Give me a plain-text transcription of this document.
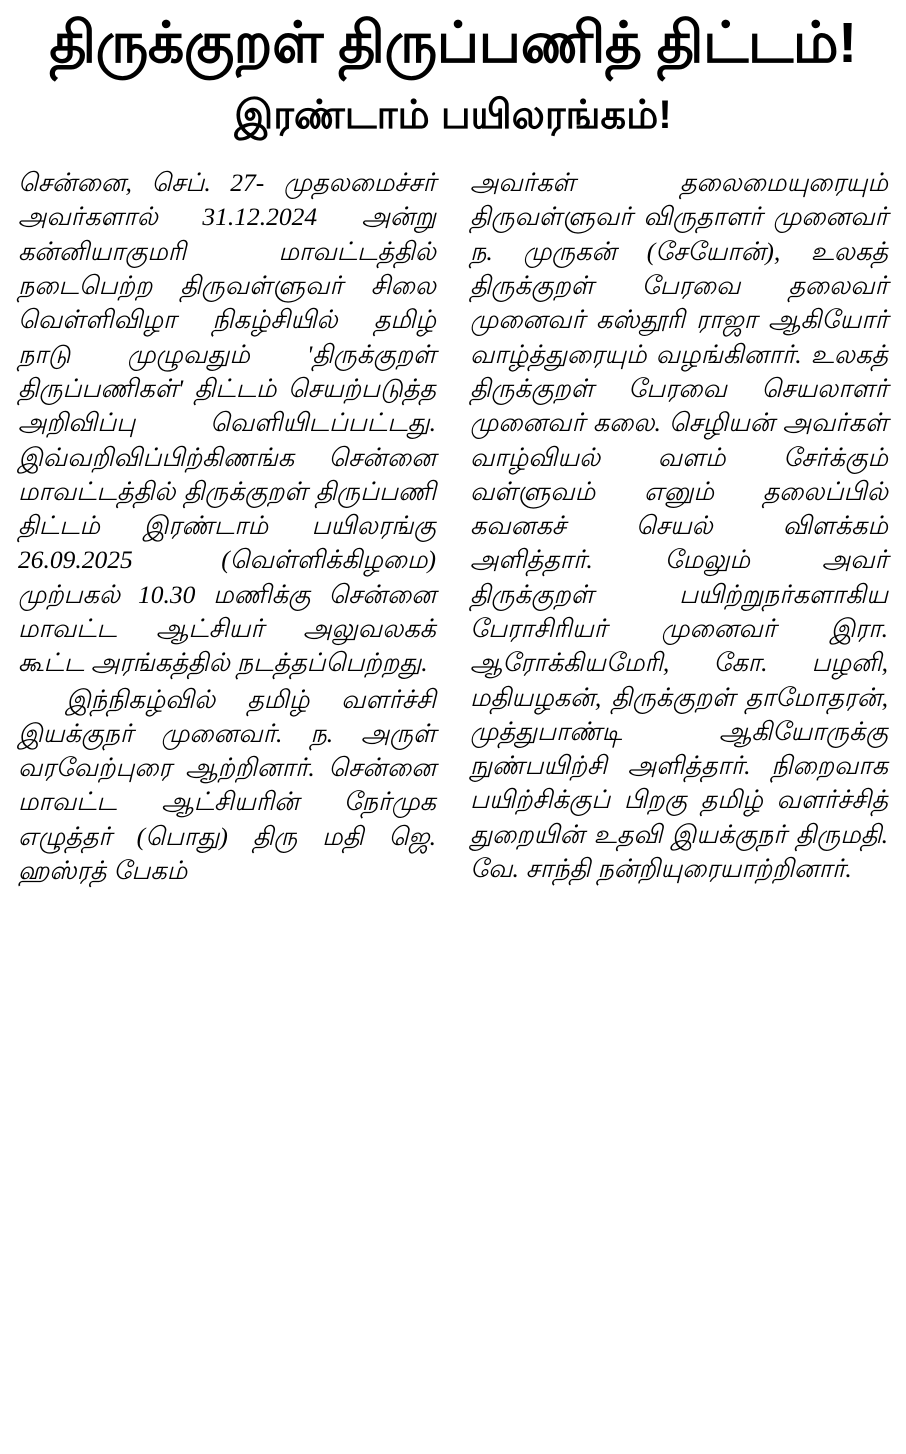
திருக்குறள் திருப்பணித் திட்டம்!
இரண்டாம் பயிலரங்கம்!

சென்னை, செப். 27- முதலமைச்சர் அவர்களால் 31.12.2024 அன்று கன்னியாகுமரி மாவட்டத்தில் நடைபெற்ற திருவள்ளுவர் சிலை வெள்ளிவிழா நிகழ்சியில் தமிழ் நாடு முழுவதும் 'திருக்குறள் திருப்பணிகள்' திட்டம் செயற்படுத்த அறிவிப்பு வெளியிடப்பட்டது. இவ்வறிவிப்பிற்கிணங்க சென்னை மாவட்டத்தில் திருக்குறள் திருப்பணி திட்டம் இரண்டாம் பயிலரங்கு 26.09.2025 (வெள்ளிக்கிழமை) முற்பகல் 10.30 மணிக்கு சென்னை மாவட்ட ஆட்சியர் அலுவலகக் கூட்ட அரங்கத்தில் நடத்தப்பெற்றது.

இந்நிகழ்வில் தமிழ் வளர்ச்சி இயக்குநர் முனைவர். ந. அருள் வரவேற்புரை ஆற்றினார். சென்னை மாவட்ட ஆட்சியரின் நேர்முக எழுத்தர் (பொது) திரு மதி ஜெ. ஹஸ்ரத் பேகம்

அவர்கள் தலைமையுரையும் திருவள்ளுவர் விருதாளர் முனைவர் ந. முருகன் (சேயோன்), உலகத் திருக்குறள் பேரவை தலைவர் முனைவர் கஸ்தூரி ராஜா ஆகியோர் வாழ்த்துரையும் வழங்கினார். உலகத் திருக்குறள் பேரவை செயலாளர் முனைவர் கலை. செழியன் அவர்கள் வாழ்வியல் வளம் சேர்க்கும் வள்ளுவம் எனும் தலைப்பில் கவனகச் செயல் விளக்கம் அளித்தார். மேலும் அவர் திருக்குறள் பயிற்றுநர்களாகிய பேராசிரியர் முனைவர் இரா. ஆரோக்கியமேரி, கோ. பழனி, மதியழகன், திருக்குறள் தாமோதரன், முத்துபாண்டி ஆகியோருக்கு நுண்பயிற்சி அளித்தார். நிறைவாக பயிற்சிக்குப் பிறகு தமிழ் வளர்ச்சித் துறையின் உதவி இயக்குநர் திருமதி. வே. சாந்தி நன்றியுரையாற்றினார்.
